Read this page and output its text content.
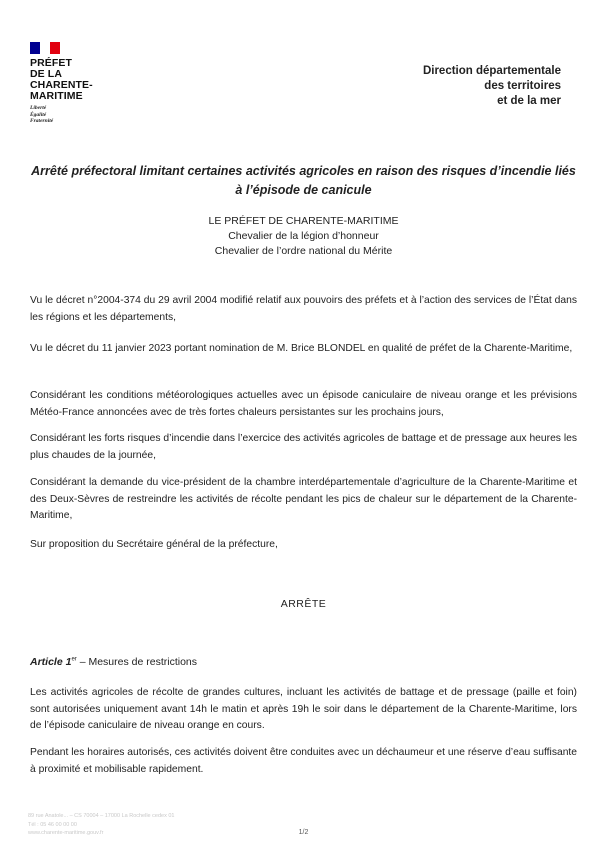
PRÉFET
DE LA
CHARENTE-
MARITIME
Liberté
Égalité
Fraternité
Direction départementale
des territoires
et de la mer
Arrêté préfectoral limitant certaines activités agricoles en raison des risques d’incendie liés à l’épisode de canicule
LE PRÉFET DE CHARENTE-MARITIME
Chevalier de la légion d’honneur
Chevalier de l’ordre national du Mérite
Vu le décret n°2004-374 du 29 avril 2004 modifié relatif aux pouvoirs des préfets et à l’action des services de l’État dans les régions et les départements,
Vu le décret du 11 janvier 2023 portant nomination de M. Brice BLONDEL en qualité de préfet de la Charente-Maritime,
Considérant les conditions météorologiques actuelles avec un épisode caniculaire de niveau orange et les prévisions Météo-France annoncées avec de très fortes chaleurs persistantes sur les prochains jours,
Considérant les forts risques d’incendie dans l’exercice des activités agricoles de battage et de pressage aux heures les plus chaudes de la journée,
Considérant la demande du vice-président de la chambre interdépartementale d’agriculture de la Charente-Maritime et des Deux-Sèvres de restreindre les activités de récolte pendant les pics de chaleur sur le département de la Charente-Maritime,
Sur proposition du Secrétaire général de la préfecture,
ARRÊTE
Article 1er – Mesures de restrictions
Les activités agricoles de récolte de grandes cultures, incluant les activités de battage et de pressage (paille et foin) sont autorisées uniquement avant 14h le matin et après 19h le soir dans le département de la Charente-Maritime, lors de l’épisode caniculaire de niveau orange en cours.
Pendant les horaires autorisés, ces activités doivent être conduites avec un déchaumeur et une réserve d’eau suffisante à proximité et mobilisable rapidement.
89 rue Anatole... – CS 70004 – 17000 La Rochelle cedex 01
Tél : 05 46 00 00 00
www.charente-maritime.gouv.fr	1/2
